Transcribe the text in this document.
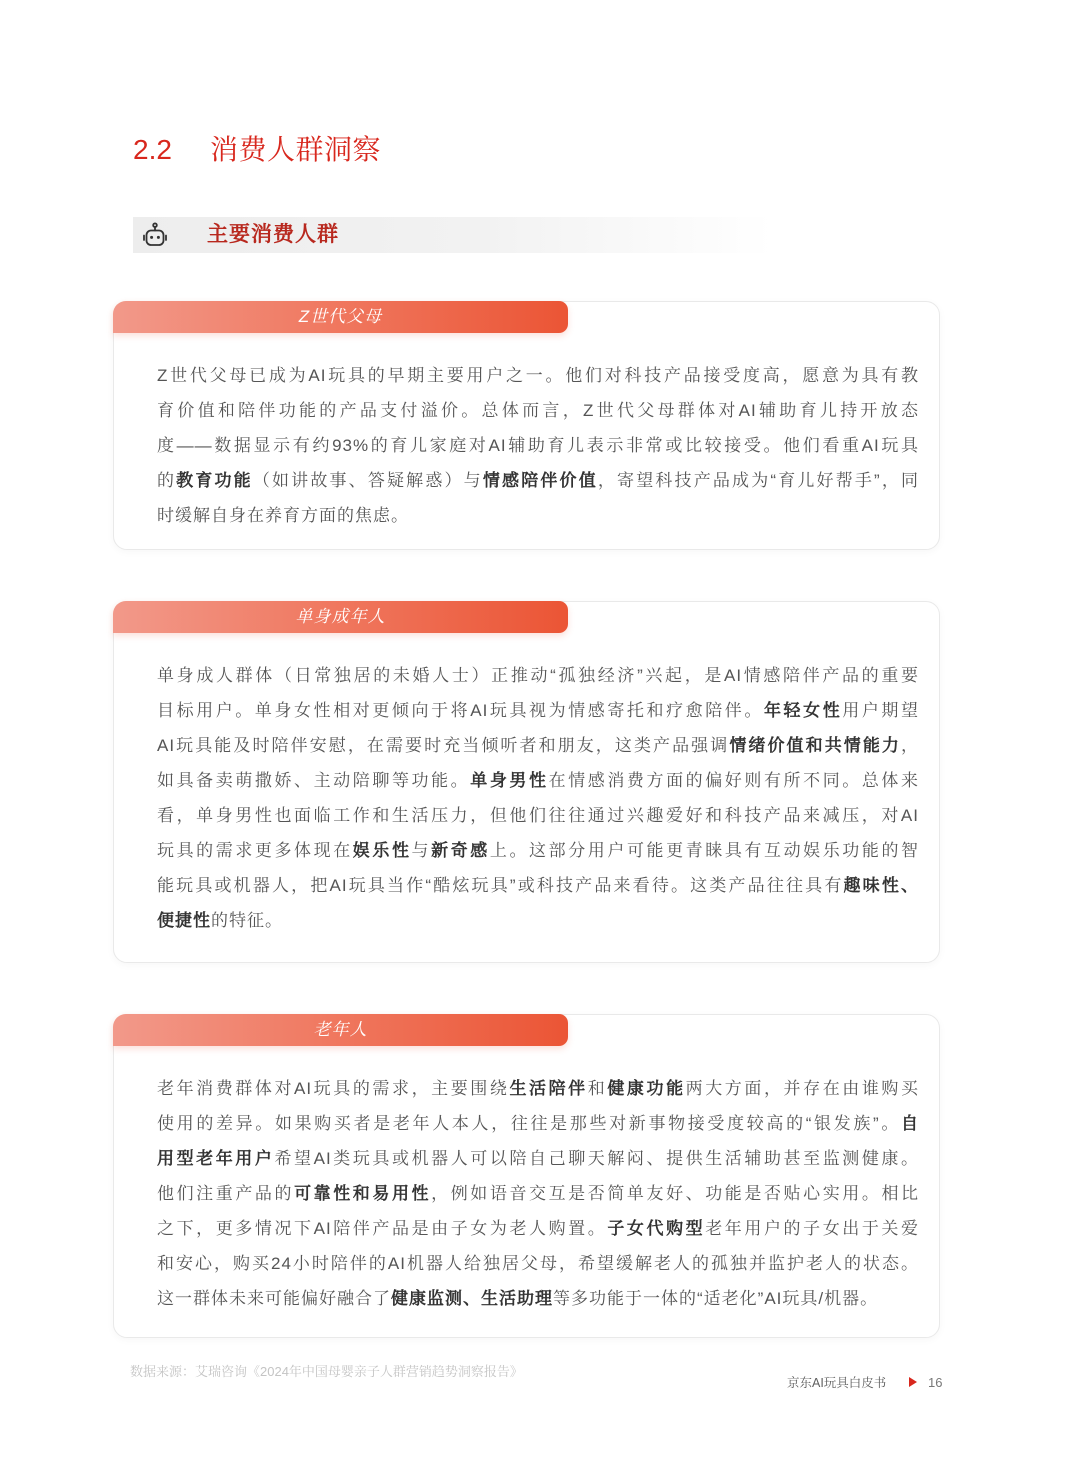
2.2 消费人群洞察
主要消费人群
Z世代父母
Z世代父母已成为AI玩具的早期主要用户之一。他们对科技产品接受度高，愿意为具有教
育价值和陪伴功能的产品支付溢价。总体而言，Z世代父母群体对AI辅助育儿持开放态
度——数据显示有约93%的育儿家庭对AI辅助育儿表示非常或比较接受。他们看重AI玩具
的教育功能（如讲故事、答疑解惑）与情感陪伴价值，寄望科技产品成为“育儿好帮手”，同
时缓解自身在养育方面的焦虑。
单身成年人
单身成人群体（日常独居的未婚人士）正推动“孤独经济”兴起，是AI情感陪伴产品的重要
目标用户。单身女性相对更倾向于将AI玩具视为情感寄托和疗愈陪伴。年轻女性用户期望
AI玩具能及时陪伴安慰，在需要时充当倾听者和朋友，这类产品强调情绪价值和共情能力，
如具备卖萌撒娇、主动陪聊等功能。单身男性在情感消费方面的偏好则有所不同。总体来
看，单身男性也面临工作和生活压力，但他们往往通过兴趣爱好和科技产品来减压，对AI
玩具的需求更多体现在娱乐性与新奇感上。这部分用户可能更青睐具有互动娱乐功能的智
能玩具或机器人，把AI玩具当作“酷炫玩具”或科技产品来看待。这类产品往往具有趣味性、
便捷性的特征。
老年人
老年消费群体对AI玩具的需求，主要围绕生活陪伴和健康功能两大方面，并存在由谁购买
使用的差异。如果购买者是老年人本人，往往是那些对新事物接受度较高的“银发族”。自
用型老年用户希望AI类玩具或机器人可以陪自己聊天解闷、提供生活辅助甚至监测健康。
他们注重产品的可靠性和易用性，例如语音交互是否简单友好、功能是否贴心实用。相比
之下，更多情况下AI陪伴产品是由子女为老人购置。子女代购型老年用户的子女出于关爱
和安心，购买24小时陪伴的AI机器人给独居父母，希望缓解老人的孤独并监护老人的状态。
这一群体未来可能偏好融合了健康监测、生活助理等多功能于一体的“适老化”AI玩具/机器。
数据来源：艾瑞咨询《2024年中国母婴亲子人群营销趋势洞察报告》
京东AI玩具白皮书	16
